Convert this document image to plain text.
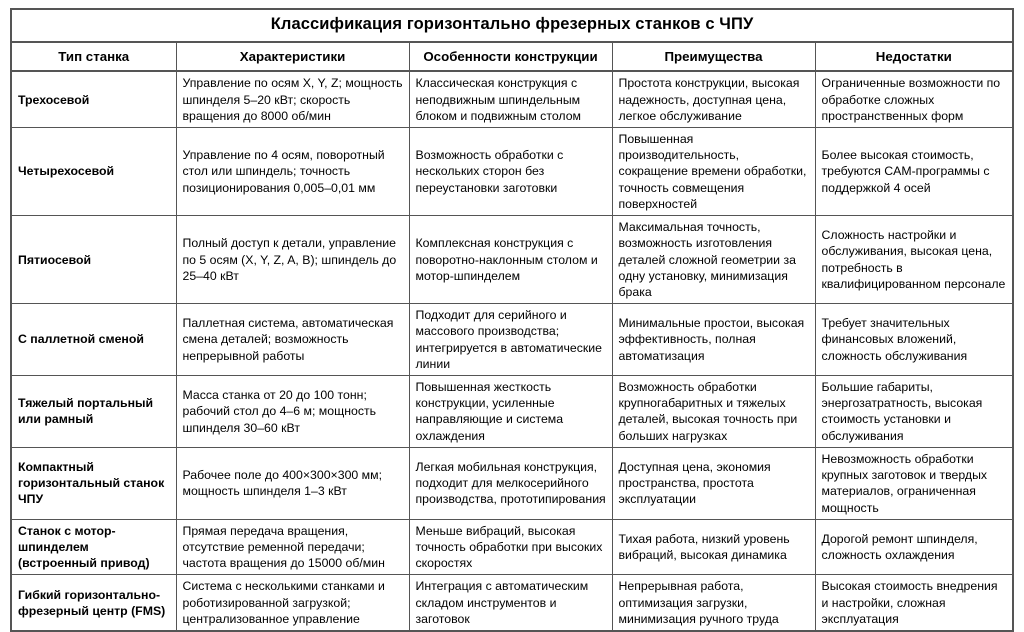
Классификация горизонтально фрезерных станков с ЧПУ				
Тип станка	Характеристики	Особенности конструкции	Преимущества	Недостатки
Трехосевой	Управление по осям X, Y, Z; мощность шпинделя 5–20 кВт; скорость вращения до 8000 об/мин	Классическая конструкция с неподвижным шпиндельным блоком и подвижным столом	Простота конструкции, высокая надежность, доступная цена, легкое обслуживание	Ограниченные возможности по обработке сложных пространственных форм
Четырехосевой	Управление по 4 осям, поворотный стол или шпиндель; точность позиционирования 0,005–0,01 мм	Возможность обработки с нескольких сторон без переустановки заготовки	Повышенная производительность, сокращение времени обработки, точность совмещения поверхностей	Более высокая стоимость, требуются CAM-программы с поддержкой 4 осей
Пятиосевой	Полный доступ к детали, управление по 5 осям (X, Y, Z, A, B); шпиндель до 25–40 кВт	Комплексная конструкция с поворотно-наклонным столом и мотор-шпинделем	Максимальная точность, возможность изготовления деталей сложной геометрии за одну установку, минимизация брака	Сложность настройки и обслуживания, высокая цена, потребность в квалифицированном персонале
С паллетной сменой	Паллетная система, автоматическая смена деталей; возможность непрерывной работы	Подходит для серийного и массового производства; интегрируется в автоматические линии	Минимальные простои, высокая эффективность, полная автоматизация	Требует значительных финансовых вложений, сложность обслуживания
Тяжелый портальный или рамный	Масса станка от 20 до 100 тонн; рабочий стол до 4–6 м; мощность шпинделя 30–60 кВт	Повышенная жесткость конструкции, усиленные направляющие и система охлаждения	Возможность обработки крупногабаритных и тяжелых деталей, высокая точность при больших нагрузках	Большие габариты, энергозатратность, высокая стоимость установки и обслуживания
Компактный горизонтальный станок ЧПУ	Рабочее поле до 400×300×300 мм; мощность шпинделя 1–3 кВт	Легкая мобильная конструкция, подходит для мелкосерийного производства, прототипирования	Доступная цена, экономия пространства, простота эксплуатации	Невозможность обработки крупных заготовок и твердых материалов, ограниченная мощность
Станок с мотор-шпинделем (встроенный привод)	Прямая передача вращения, отсутствие ременной передачи; частота вращения до 15000 об/мин	Меньше вибраций, высокая точность обработки при высоких скоростях	Тихая работа, низкий уровень вибраций, высокая динамика	Дорогой ремонт шпинделя, сложность охлаждения
Гибкий горизонтально-фрезерный центр (FMS)	Система с несколькими станками и роботизированной загрузкой; централизованное управление	Интеграция с автоматическим складом инструментов и заготовок	Непрерывная работа, оптимизация загрузки, минимизация ручного труда	Высокая стоимость внедрения и настройки, сложная эксплуатация
